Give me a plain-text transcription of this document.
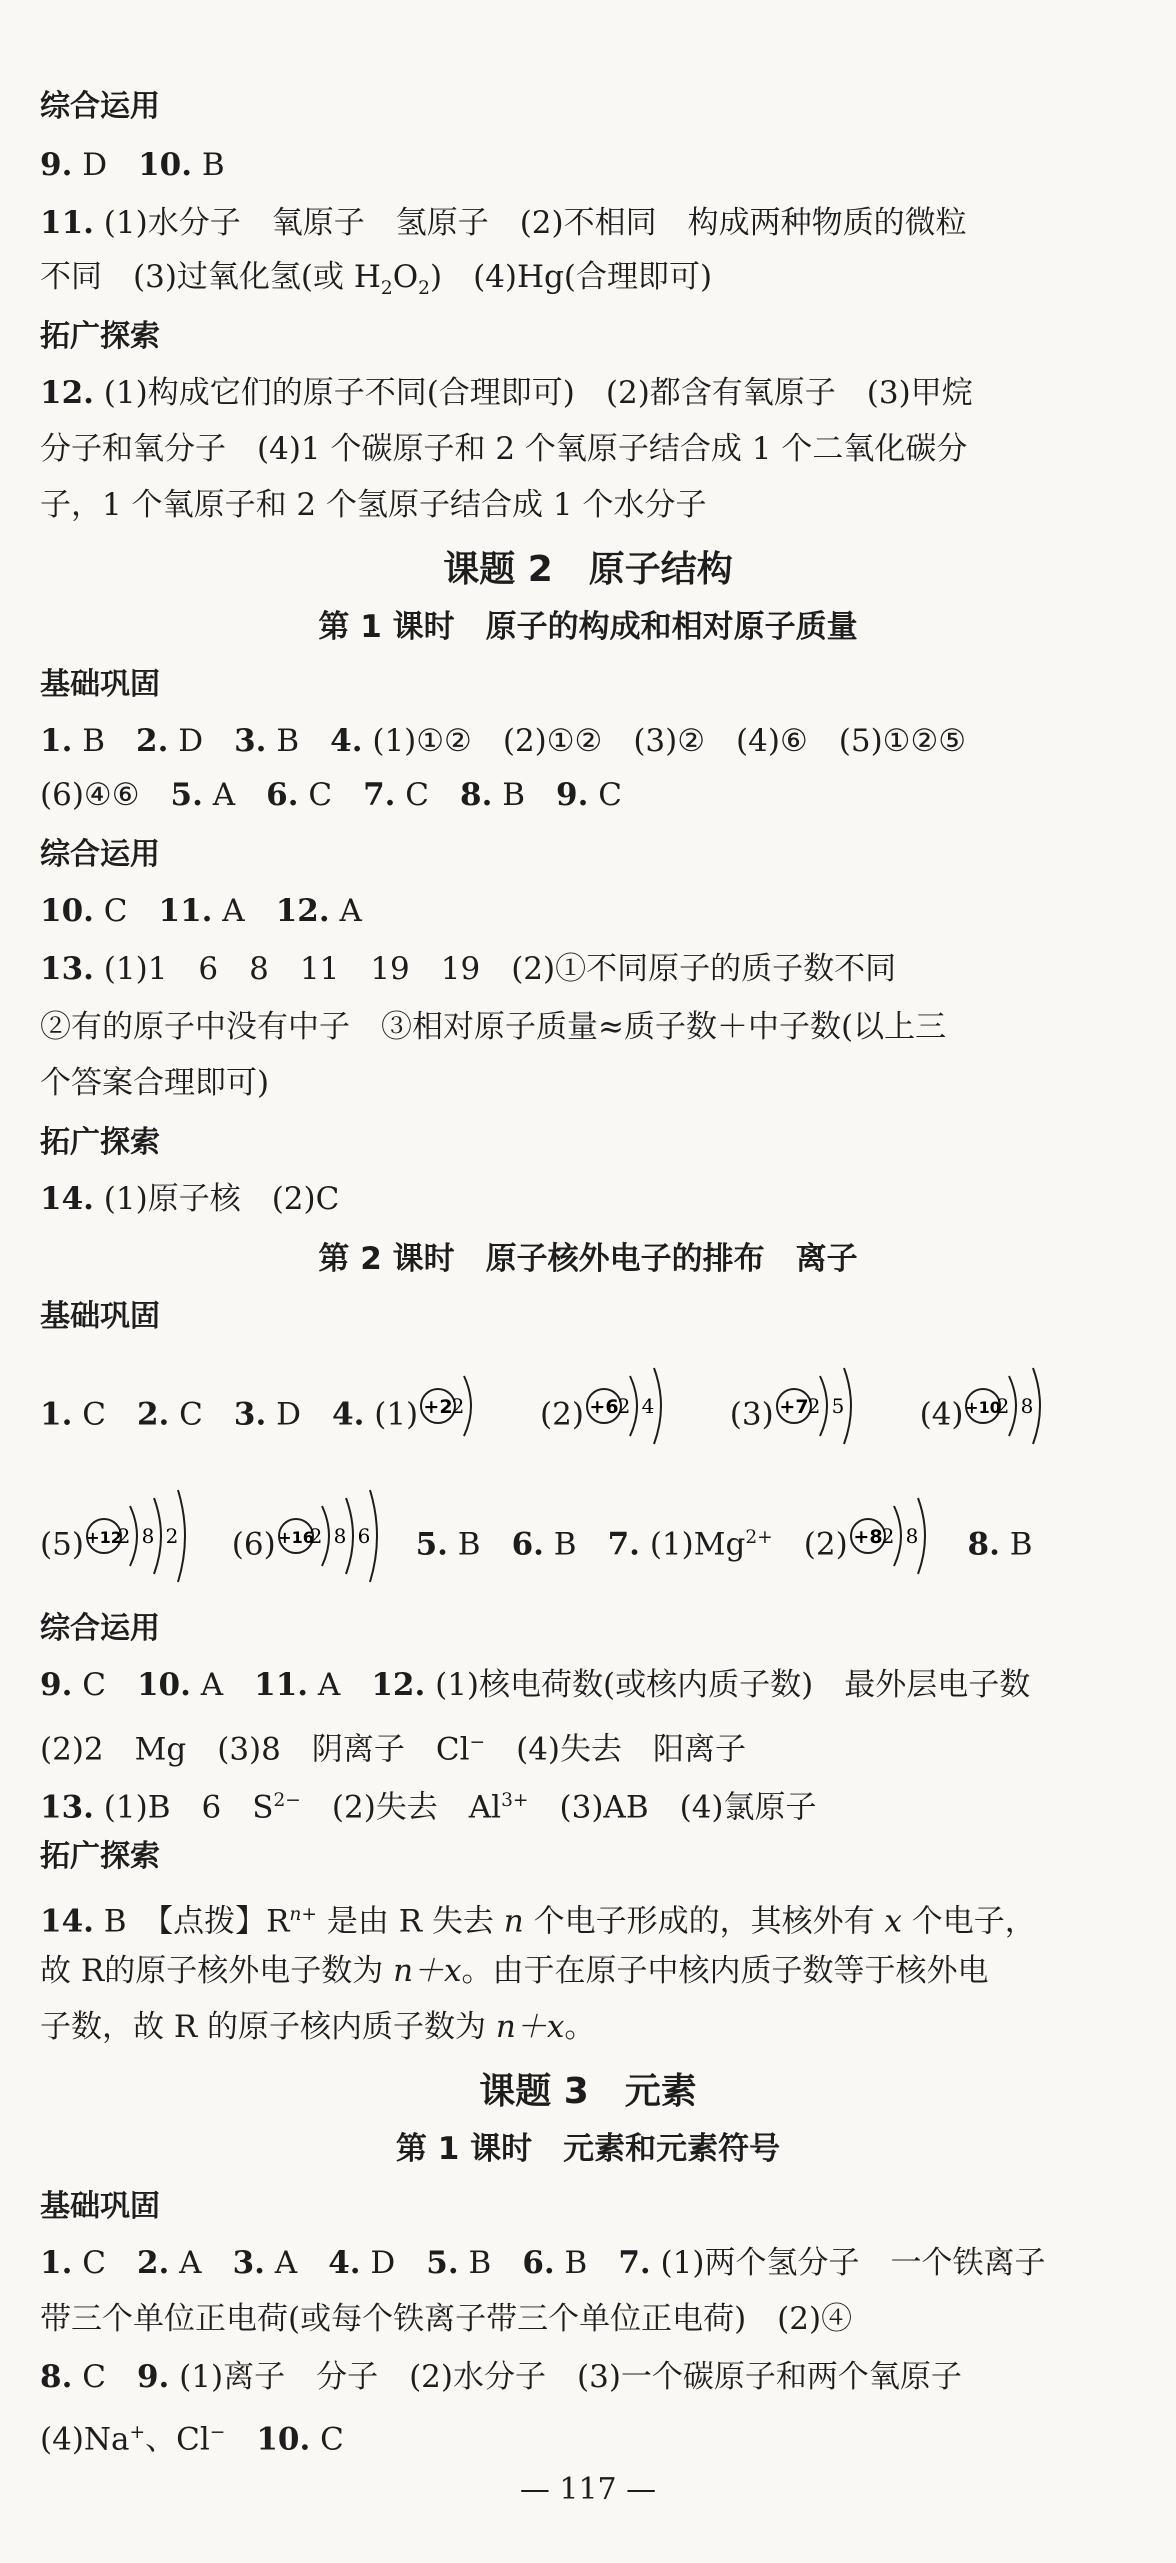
综合运用
9. D　10. B
11. (1)水分子　氧原子　氢原子　(2)不相同　构成两种物质的微粒
不同　(3)过氧化氢(或 $H_2O_2$)　(4)Hg(合理即可)
拓广探索
12. (1)构成它们的原子不同(合理即可)　(2)都含有氧原子　(3)甲烷
分子和氧分子　(4)1 个碳原子和 2 个氧原子结合成 1 个二氧化碳分
子，1 个氧原子和 2 个氢原子结合成 1 个水分子
课题 2　原子结构
第 1 课时　原子的构成和相对原子质量
基础巩固
1. B　2. D　3. B　4. (1)①②　(2)①②　(3)②　(4)⑥　(5)①②⑤
(6)④⑥　5. A　6. C　7. C　8. B　9. C
综合运用
10. C　11. A　12. A
13. (1)1　6　8　11　19　19　(2)①不同原子的质子数不同
②有的原子中没有中子　③相对原子质量≈质子数＋中子数(以上三
个答案合理即可)
拓广探索
14. (1)原子核　(2)C
第 2 课时　原子核外电子的排布　离子
基础巩固
1. C　2. C　3. D　4. (1) +2 2 (2) +6 2 4 (3) +7 2 5 (4) +10
2 8
(5) +12
2 8 2 (6) +16
2 8 6 5. B　6. B　7. $(1)Mg^{2+}$　(2) +8 2 8 8. B
综合运用
9. C　10. A　11. A　12. (1)核电荷数(或核内质子数)　最外层电子数
(2)2　Mg　(3)8　阴离子　Cl−　(4)失去　阳离子
13. (1)B　6　$S^{2-}$　(2)失去　$Al^{3+}$　(3)AB　(4)氯原子
拓广探索
14. B　【点拨】$R^{n+}$ 是由 R 失去 n 个电子形成的，其核外有 x 个电子，
故 R的原子核外电子数为 n＋x。由于在原子中核内质子数等于核外电
子数，故 R 的原子核内质子数为 n＋x。
课题 3　元素
第 1 课时　元素和元素符号
基础巩固
1. C　2. A　3. A　4. D　5. B　6. B　7. (1)两个氢分子　一个铁离子
带三个单位正电荷(或每个铁离子带三个单位正电荷)　(2)④
8. C　9. (1)离子　分子　(2)水分子　(3)一个碳原子和两个氧原子
(4)Na+、Cl−　 10. C
— 117 —
